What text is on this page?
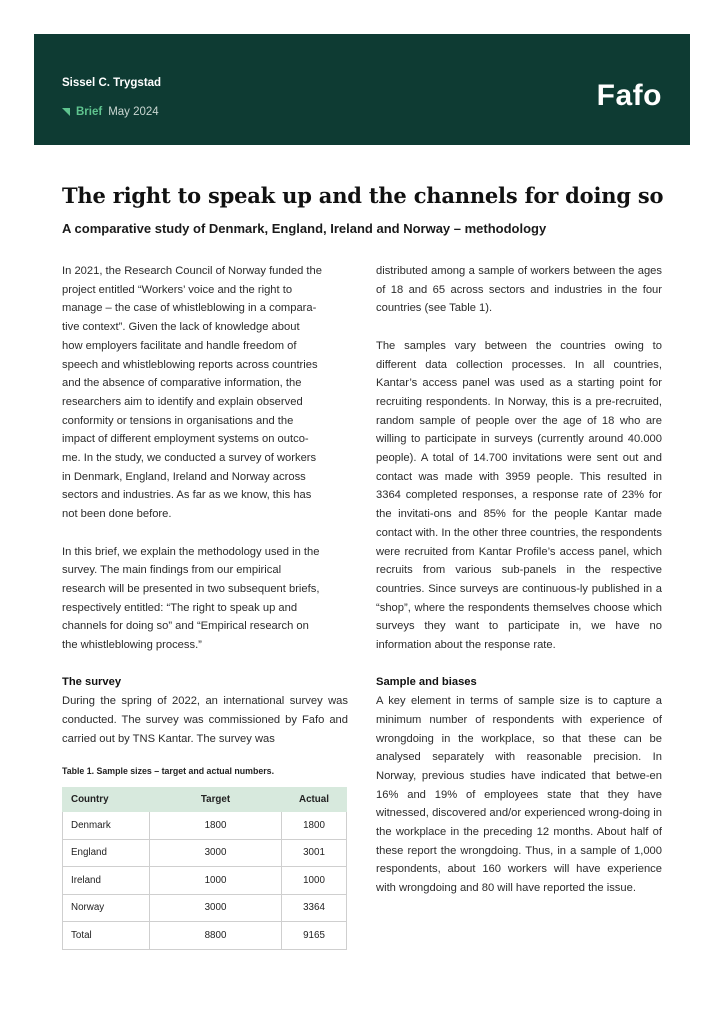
Sissel C. Trygstad
Brief May 2024	Fafo
The right to speak up and the channels for doing so
A comparative study of Denmark, England, Ireland and Norway – methodology
In 2021, the Research Council of Norway funded the
project entitled “Workers’ voice and the right to
manage – the case of whistleblowing in a compara-
tive context”. Given the lack of knowledge about
how employers facilitate and handle freedom of
speech and whistleblowing reports across countries
and the absence of comparative information, the
researchers aim to identify and explain observed
conformity or tensions in organisations and the
impact of different employment systems on outco-
me. In the study, we conducted a survey of workers
in Denmark, England, Ireland and Norway across
sectors and industries. As far as we know, this has
not been done before.
In this brief, we explain the methodology used in the
survey. The main findings from our empirical
research will be presented in two subsequent briefs,
respectively entitled: “The right to speak up and
channels for doing so” and “Empirical research on
the whistleblowing process.”

The survey

During the spring of 2022, an international survey was conducted. The survey was commissioned by Fafo and carried out by TNS Kantar. The survey was

Table 1. Sample sizes – target and actual numbers.
Country	Target	Actual
Denmark	1800	1800
England	3000	3001
Ireland	1000	1000
Norway	3000	3364
Total	8800	9165

distributed among a sample of workers between the ages of 18 and 65 across sectors and industries in the four countries (see Table 1).

The samples vary between the countries owing to different data collection processes. In all countries, Kantar’s access panel was used as a starting point for recruiting respondents. In Norway, this is a pre-recruited, random sample of people over the age of 18 who are willing to participate in surveys (currently around 40.000 people). A total of 14.700 invitations were sent out and contact was made with 3959 people. This resulted in 3364 completed responses, a response rate of 23% for the invitati-ons and 85% for the people Kantar made contact with. In the other three countries, the respondents were recruited from Kantar Profile’s access panel, which recruits from various sub-panels in the respective countries. Since surveys are continuous-ly published in a “shop”, where the respondents themselves choose which surveys they want to participate in, we have no information about the response rate.

Sample and biases

A key element in terms of sample size is to capture a minimum number of respondents with experience of wrongdoing in the workplace, so that these can be analysed separately with reasonable precision. In Norway, previous studies have indicated that betwe-en 16% and 19% of employees state that they have witnessed, discovered and/or experienced wrong-doing in the workplace in the preceding 12 months. About half of these report the wrongdoing. Thus, in a sample of 1,000 respondents, about 160 workers will have experience with wrongdoing and 80 will have reported the issue.
